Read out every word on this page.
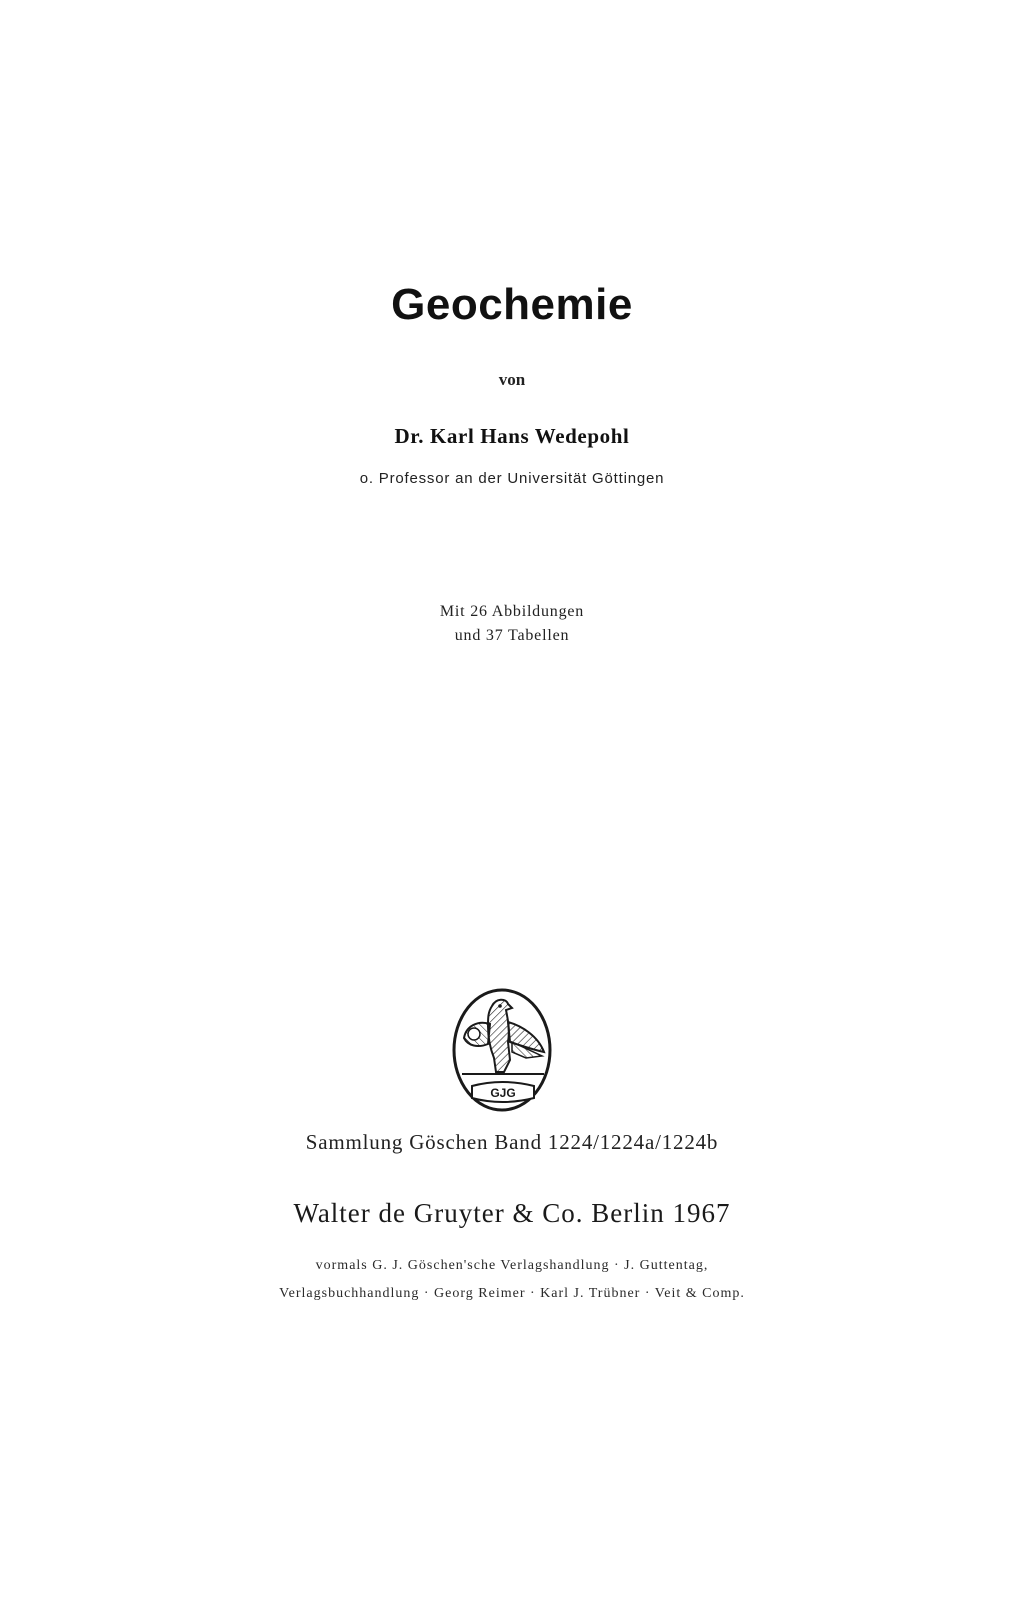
Geochemie
von
Dr. Karl Hans Wedepohl
o. Professor an der Universität Göttingen
Mit 26 Abbildungen
und 37 Tabellen
GJG
Sammlung Göschen Band 1224/1224a/1224b
Walter de Gruyter & Co. Berlin 1967
vormals G. J. Göschen'sche Verlagshandlung · J. Guttentag,
Verlagsbuchhandlung · Georg Reimer · Karl J. Trübner · Veit & Comp.
